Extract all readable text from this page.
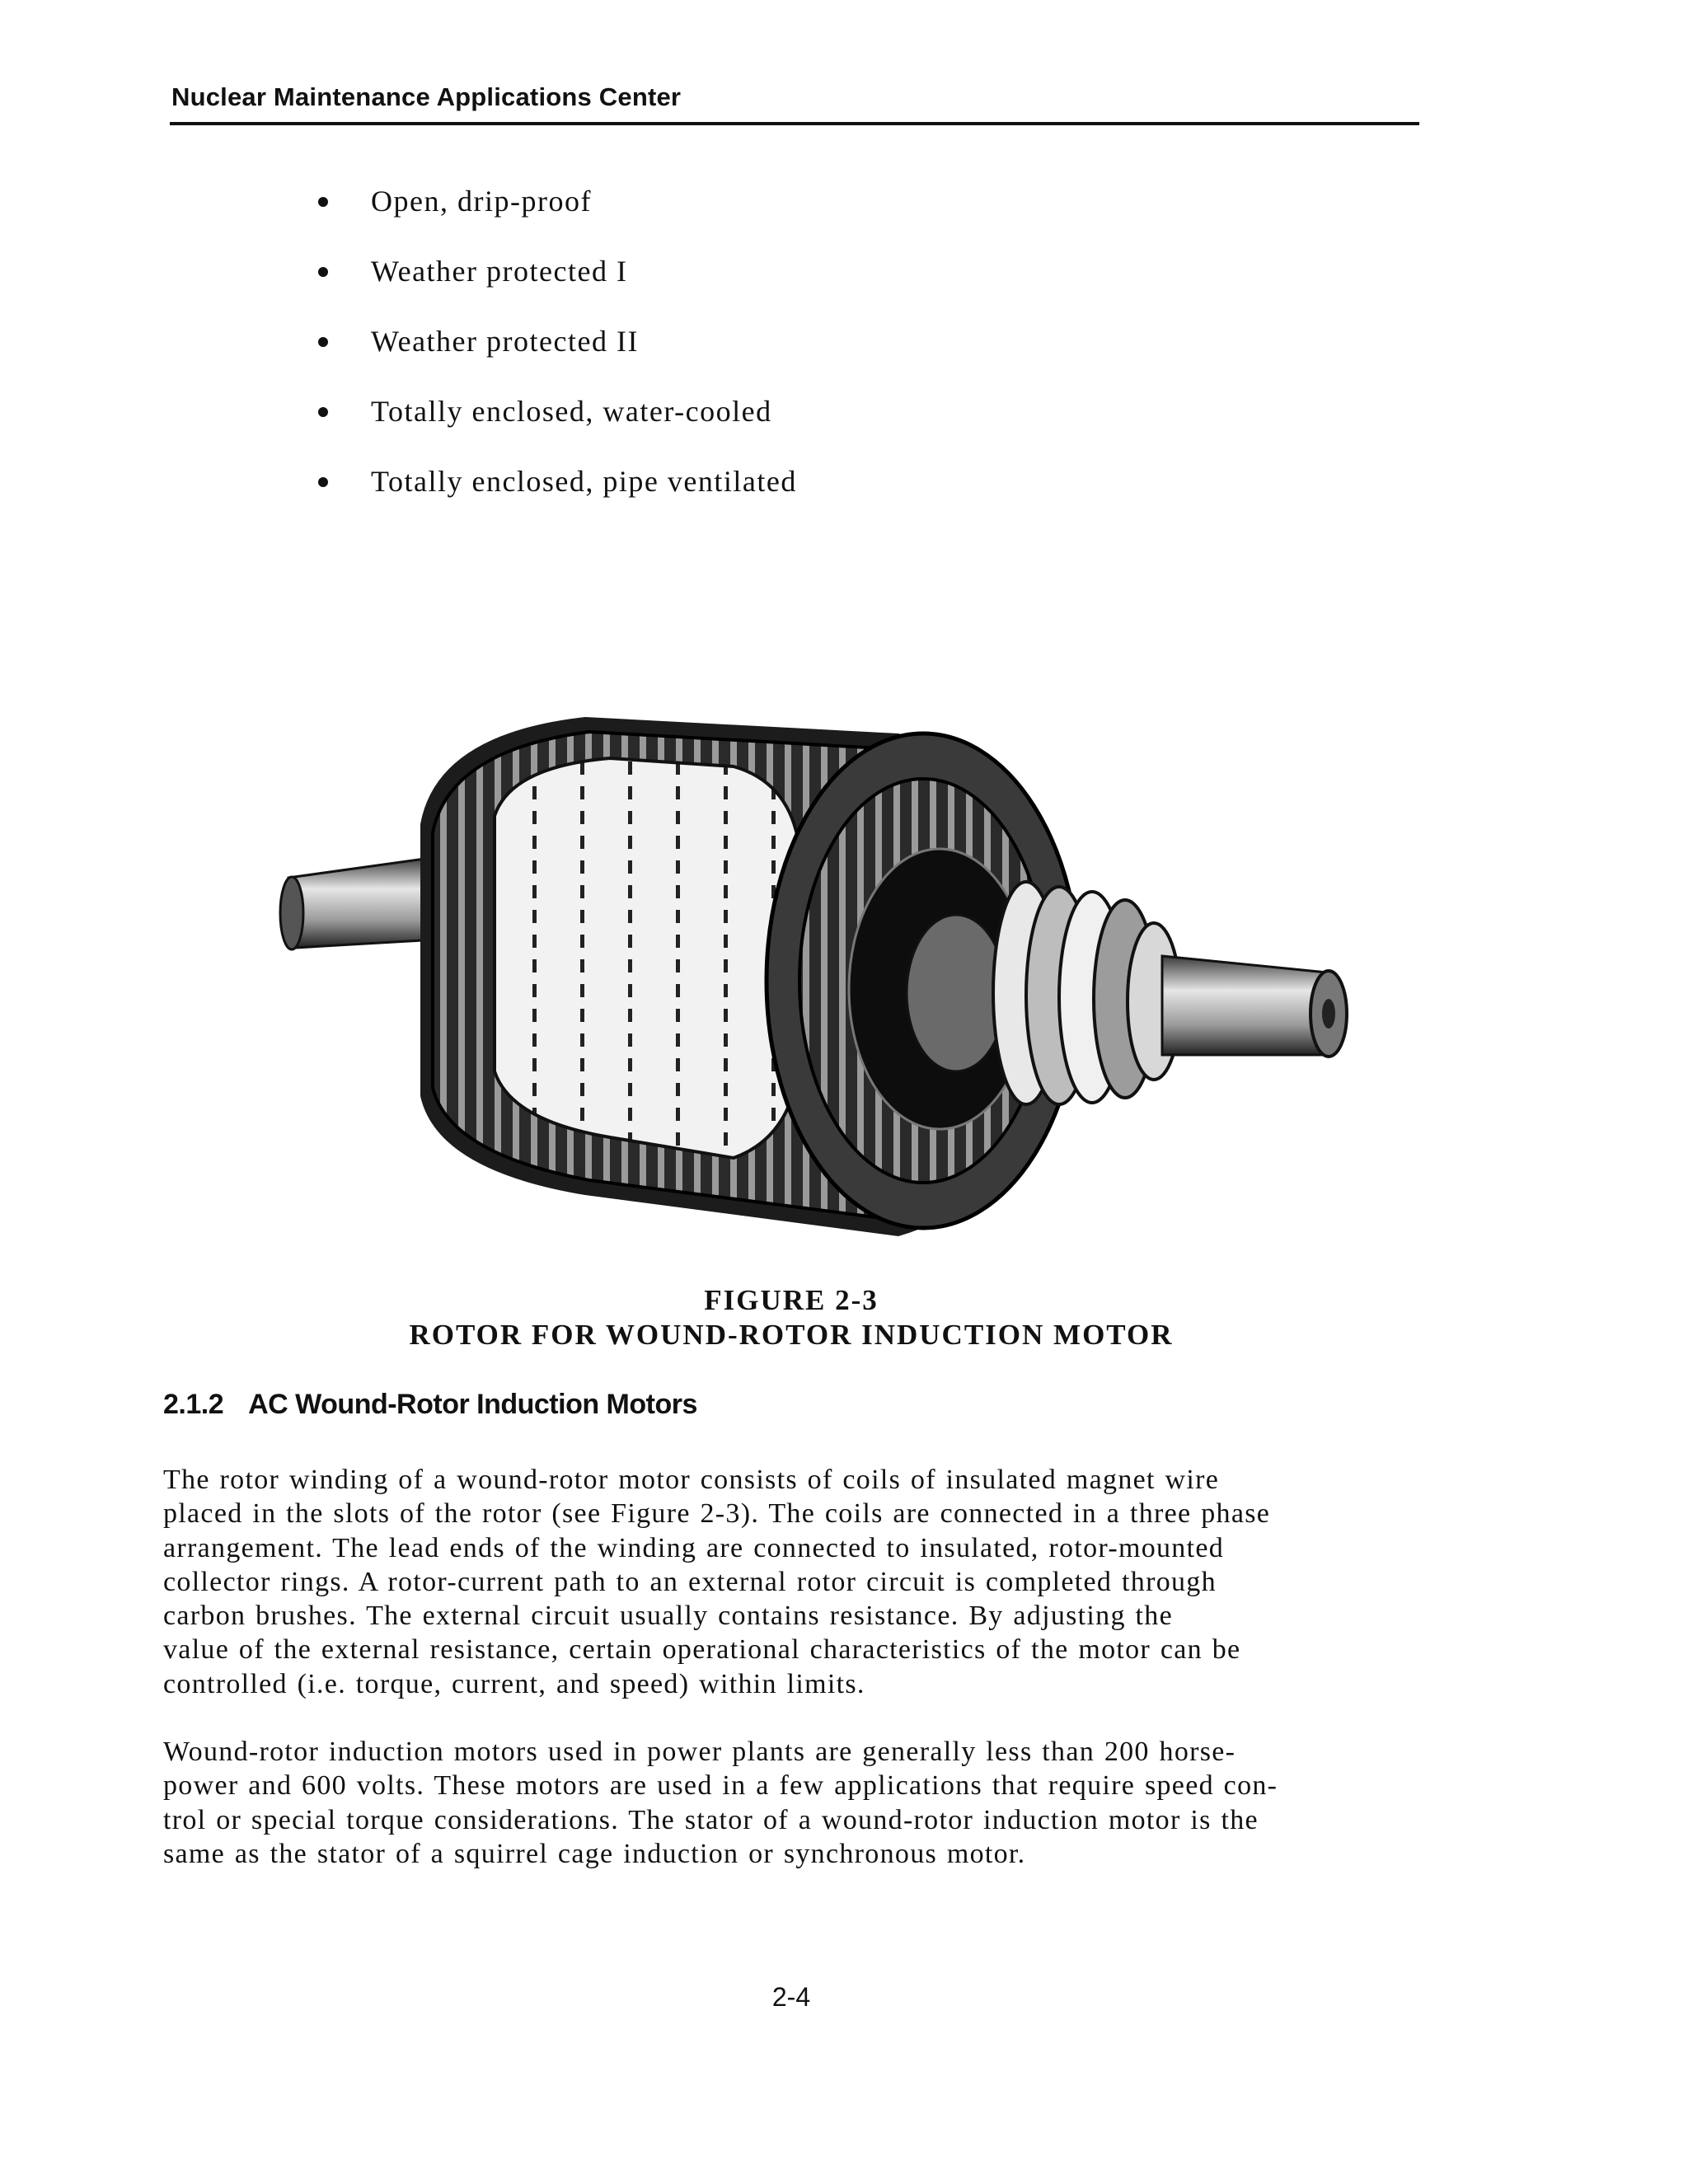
Nuclear Maintenance Applications Center
Open, drip-proof
Weather protected I
Weather protected II
Totally enclosed, water-cooled
Totally enclosed, pipe ventilated
FIGURE 2-3
ROTOR FOR WOUND-ROTOR INDUCTION MOTOR
2.1.2 AC Wound-Rotor Induction Motors

The rotor winding of a wound-rotor motor consists of coils of insulated magnet wire
placed in the slots of the rotor (see Figure 2-3). The coils are connected in a three phase
arrangement. The lead ends of the winding are connected to insulated, rotor-mounted
collector rings. A rotor-current path to an external rotor circuit is completed through
carbon brushes. The external circuit usually contains resistance. By adjusting the
value of the external resistance, certain operational characteristics of the motor can be
controlled (i.e. torque, current, and speed) within limits.

Wound-rotor induction motors used in power plants are generally less than 200 horse-
power and 600 volts. These motors are used in a few applications that require speed con-
trol or special torque considerations. The stator of a wound-rotor induction motor is the
same as the stator of a squirrel cage induction or synchronous motor.

2-4
